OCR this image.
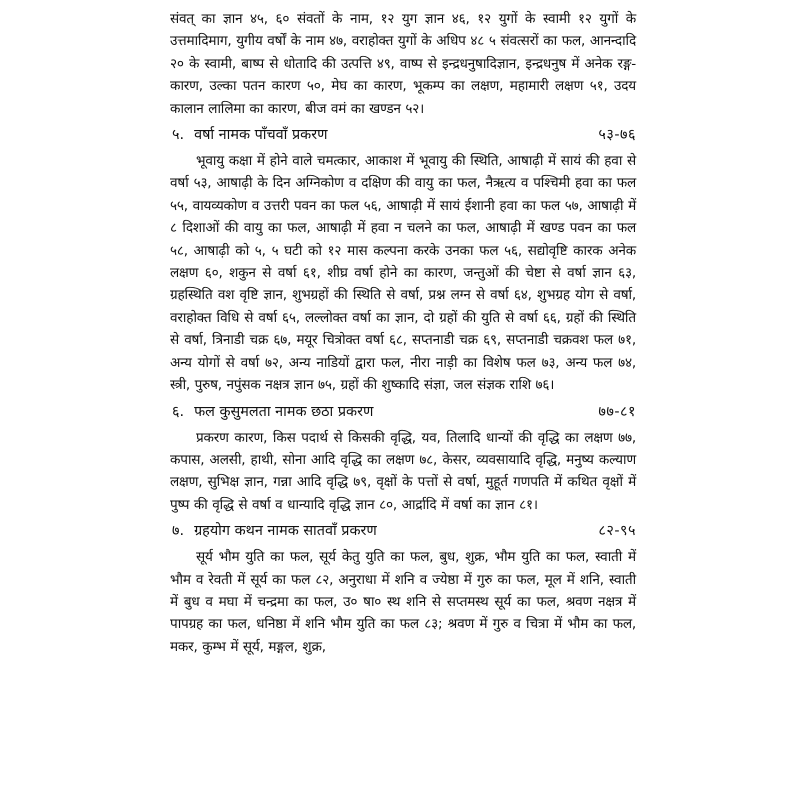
संवत् का ज्ञान ४५, ६० संवतों के नाम, १२ युग ज्ञान ४६, १२ युगों के स्वामी १२ युगों के उत्तमादिमाग, युगीय वर्षों के नाम ४७, वराहोक्त युगों के अधिप ४८ ५ संवत्सरों का फल, आनन्दादि २० के स्वामी, बाष्प से धोतादि की उत्पत्ति ४९, वाष्प से इन्द्रधनुषादिज्ञान, इन्द्रधनुष में अनेक रङ्ग-कारण, उल्का पतन कारण ५०, मेघ का कारण, भूकम्प का लक्षण, महामारी लक्षण ५१, उदय कालान लालिमा का कारण, बीज वमं का खण्डन ५२।

५. वर्षा नामक पाँचवाँ प्रकरण	५३-७६

भूवायु कक्षा में होने वाले चमत्कार, आकाश में भूवायु की स्थिति, आषाढ़ी में सायं की हवा से वर्षा ५३, आषाढ़ी के दिन अग्निकोण व दक्षिण की वायु का फल, नैऋत्य व पश्चिमी हवा का फल ५५, वायव्यकोण व उत्तरी पवन का फल ५६, आषाढ़ी में सायं ईशानी हवा का फल ५७, आषाढ़ी में ८ दिशाओं की वायु का फल, आषाढ़ी में हवा न चलने का फल, आषाढ़ी में खण्ड पवन का फल ५८, आषाढ़ी को ५, ५ घटी को १२ मास कल्पना करके उनका फल ५६, सद्योवृष्टि कारक अनेक लक्षण ६०, शकुन से वर्षा ६१, शीघ्र वर्षा होने का कारण, जन्तुओं की चेष्टा से वर्षा ज्ञान ६३, ग्रहस्थिति वश वृष्टि ज्ञान, शुभग्रहों की स्थिति से वर्षा, प्रश्न लग्न से वर्षा ६४, शुभग्रह योग से वर्षा, वराहोक्त विधि से वर्षा ६५, लल्लोक्त वर्षा का ज्ञान, दो ग्रहों की युति से वर्षा ६६, ग्रहों की स्थिति से वर्षा, त्रिनाडी चक्र ६७, मयूर चित्रोक्त वर्षा ६८, सप्तनाडी चक्र ६९, सप्तनाडी चक्रवश फल ७१, अन्य योगों से वर्षा ७२, अन्य नाडियों द्वारा फल, नीरा नाड़ी का विशेष फल ७३, अन्य फल ७४, स्त्री, पुरुष, नपुंसक नक्षत्र ज्ञान ७५, ग्रहों की शुष्कादि संज्ञा, जल संज्ञक राशि ७६।

६. फल कुसुमलता नामक छठा प्रकरण	७७-८१

प्रकरण कारण, किस पदार्थ से किसकी वृद्धि, यव, तिलादि धान्यों की वृद्धि का लक्षण ७७, कपास, अलसी, हाथी, सोना आदि वृद्धि का लक्षण ७८, केसर, व्यवसायादि वृद्धि, मनुष्य कल्याण लक्षण, सुभिक्ष ज्ञान, गन्ना आदि वृद्धि ७९, वृक्षों के पत्तों से वर्षा, मुहूर्त गणपति में कथित वृक्षों में पुष्प की वृद्धि से वर्षा व धान्यादि वृद्धि ज्ञान ८०, आर्द्रादि में वर्षा का ज्ञान ८१।

७. ग्रहयोग कथन नामक सातवाँ प्रकरण	८२-९५

सूर्य भौम युति का फल, सूर्य केतु युति का फल, बुध, शुक्र, भौम युति का फल, स्वाती में भौम व रेवती में सूर्य का फल ८२, अनुराधा में शनि व ज्येष्ठा में गुरु का फल, मूल में शनि, स्वाती में बुध व मघा में चन्द्रमा का फल, उ० षा० स्थ शनि से सप्तमस्थ सूर्य का फल, श्रवण नक्षत्र में पापग्रह का फल, धनिष्ठा में शनि भौम युति का फल ८३; श्रवण में गुरु व चित्रा में भौम का फल, मकर, कुम्भ में सूर्य, मङ्गल, शुक्र,
